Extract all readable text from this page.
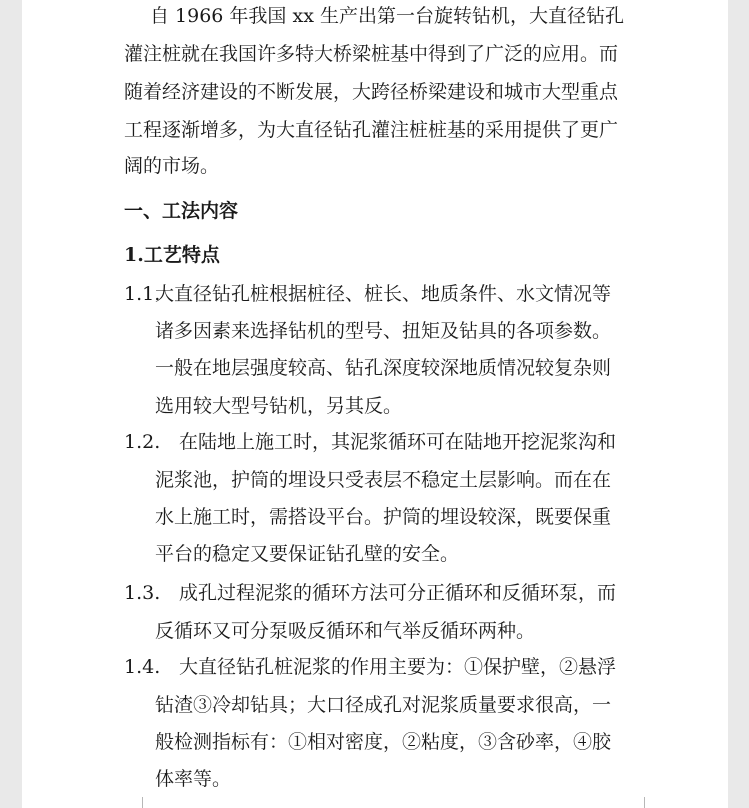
自 1966 年我国 xx 生产出第一台旋转钻机，大直径钻孔
灌注桩就在我国许多特大桥梁桩基中得到了广泛的应用。而
随着经济建设的不断发展，大跨径桥梁建设和城市大型重点
工程逐渐增多，为大直径钻孔灌注桩桩基的采用提供了更广
阔的市场。
一、工法内容
1.工艺特点
1.1.
大直径钻孔桩根据桩径、桩长、地质条件、水文情况等
诸多因素来选择钻机的型号、扭矩及钻具的各项参数。
一般在地层强度较高、钻孔深度较深地质情况较复杂则
选用较大型号钻机，另其反。
1.2. 在陆地上施工时，其泥浆循环可在陆地开挖泥浆沟和
泥浆池，护筒的埋设只受表层不稳定土层影响。而在在
水上施工时，需搭设平台。护筒的埋设较深，既要保重
平台的稳定又要保证钻孔壁的安全。
1.3. 成孔过程泥浆的循环方法可分正循环和反循环泵，而
反循环又可分泵吸反循环和气举反循环两种。
1.4. 大直径钻孔桩泥浆的作用主要为：①保护壁，②悬浮
钻渣③冷却钻具；大口径成孔对泥浆质量要求很高，一
般检测指标有：①相对密度，②粘度，③含砂率，④胶
体率等。
